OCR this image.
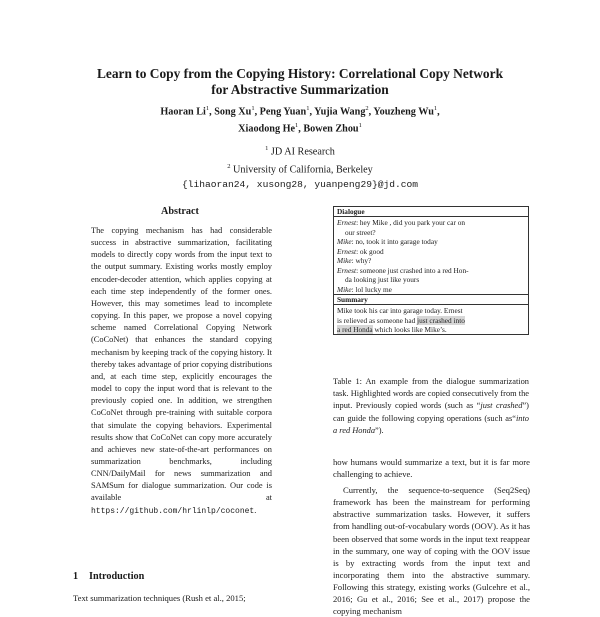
Learn to Copy from the Copying History: Correlational Copy Network
for Abstractive Summarization
Haoran Li$^1$, Song Xu$^1$, Peng Yuan$^1$, Yujia Wang$^2$, Youzheng Wu$^1$,
Xiaodong He$^1$, Bowen Zhou$^1$
$^1$ JD AI Research
$^2$ University of California, Berkeley
{lihaoran24, xusong28, yuanpeng29}@jd.com
Abstract
The copying mechanism has had considerable success in abstractive summarization, facilitating models to directly copy words from the input text to the output summary. Existing works mostly employ encoder-decoder attention, which applies copying at each time step independently of the former ones. However, this may sometimes lead to incomplete copying. In this paper, we propose a novel copying scheme named Correlational Copying Network (CoCoNet) that enhances the standard copying mechanism by keeping track of the copying history. It thereby takes advantage of prior copying distributions and, at each time step, explicitly encourages the model to copy the input word that is relevant to the previously copied one. In addition, we strengthen CoCoNet through pre-training with suitable corpora that simulate the copying behaviors. Experimental results show that CoCoNet can copy more accurately and achieves new state-of-the-art performances on summarization benchmarks, including CNN/DailyMail for news summarization and SAMSum for dialogue summarization. Our code is available at https://github.com/hrlinlp/coconet.
1 Introduction
Text summarization techniques (Rush et al., 2015;
Dialogue
Ernest: hey Mike , did you park your car on
our street?
Mike: no, took it into garage today
Ernest: ok good
Mike: why?
Ernest: someone just crashed into a red Hon-
da looking just like yours
Mike: lol lucky me
Summary
Mike took his car into garage today. Ernest
is relieved as someone had just crashed into
a red Honda which looks like Mike’s.
Table 1: An example from the dialogue summarization task. Highlighted words are copied consecutively from the input. Previously copied words (such as “just crashed”) can guide the following copying operations (such as“into a red Honda”).

how humans would summarize a text, but it is far more challenging to achieve.

Currently, the sequence-to-sequence (Seq2Seq) framework has been the mainstream for performing abstractive summarization tasks. However, it suffers from handling out-of-vocabulary words (OOV). As it has been observed that some words in the input text reappear in the summary, one way of coping with the OOV issue is by extracting words from the input text and incorporating them into the abstractive summary. Following this strategy, existing works (Gulcehre et al., 2016; Gu et al., 2016; See et al., 2017) propose the copying mechanism
